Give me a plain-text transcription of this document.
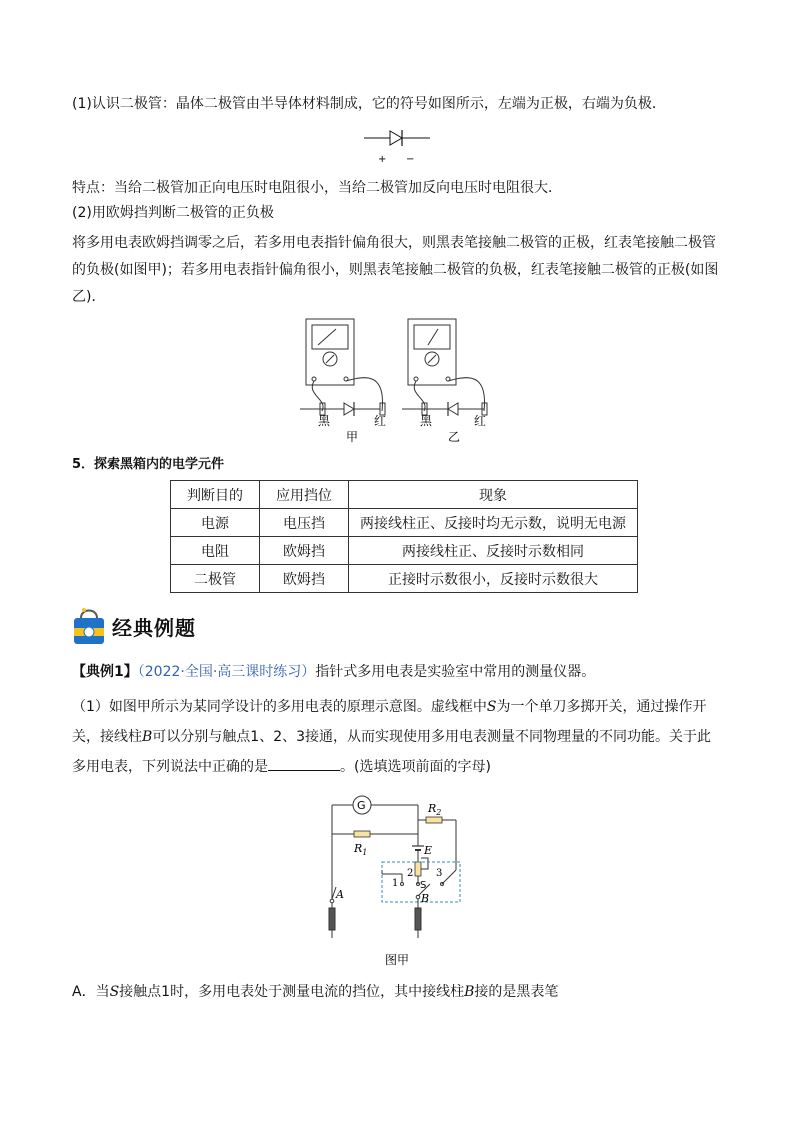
(1)认识二极管：晶体二极管由半导体材料制成，它的符号如图所示，左端为正极，右端为负极．
+ −
特点：当给二极管加正向电压时电阻很小，当给二极管加反向电压时电阻很大．
(2)用欧姆挡判断二极管的正负极
将多用电表欧姆挡调零之后，若多用电表指针偏角很大，则黑表笔接触二极管的正极，红表笔接触二极管的负极(如图甲)；若多用电表指针偏角很小，则黑表笔接触二极管的负极，红表笔接触二极管的正极(如图乙)．
黑	红
甲
黑	红
乙
5．探索黑箱内的电学元件
判断目的	应用挡位	现象
电源	电压挡	两接线柱正、反接时均无示数，说明无电源
电阻	欧姆挡	两接线柱正、反接时示数相同
二极管	欧姆挡	正接时示数很小，反接时示数很大
经典例题
【典例1】（2022·全国·高三课时练习）指针式多用电表是实验室中常用的测量仪器。
（1）如图甲所示为某同学设计的多用电表的原理示意图。虚线框中S为一个单刀多掷开关，通过操作开关，接线柱B可以分别与触点1、2、3接通，从而实现使用多用电表测量不同物理量的不同功能。关于此多用电表，下列说法中正确的是	。(选填选项前面的字母)
G
$R_1$
$R_2$
E
1
2 3
S
B
A
图甲
A．当S接触点1时，多用电表处于测量电流的挡位，其中接线柱B接的是黑表笔
